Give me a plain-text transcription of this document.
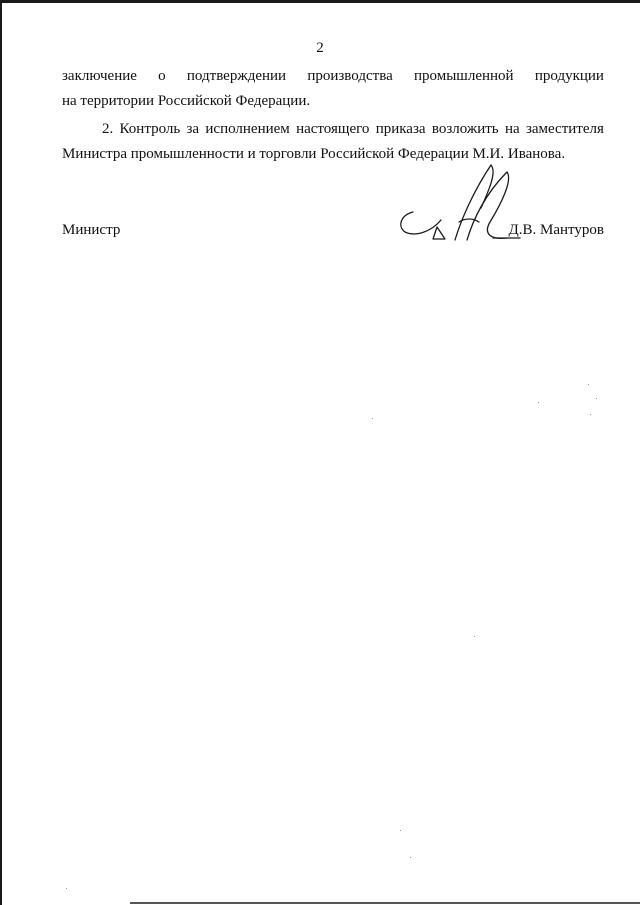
2
заключение о подтверждении производства промышленной продукции
на территории Российской Федерации.
2. Контроль за исполнением настоящего приказа возложить на заместителя
Министра промышленности и торговли Российской Федерации М.И. Иванова.
Министр	Д.В. Мантуров
